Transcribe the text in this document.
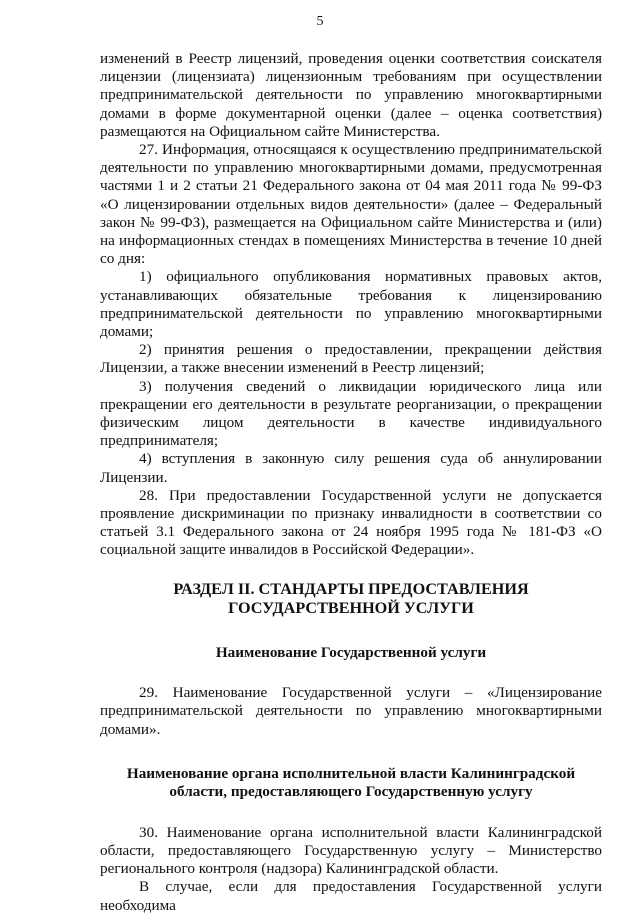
5

изменений в Реестр лицензий, проведения оценки соответствия соискателя лицензии (лицензиата) лицензионным требованиям при осуществлении предпринимательской деятельности по управлению многоквартирными домами в форме документарной оценки (далее – оценка соответствия) размещаются на Официальном сайте Министерства.

27. Информация, относящаяся к осуществлению предпринимательской деятельности по управлению многоквартирными домами, предусмотренная частями 1 и 2 статьи 21 Федерального закона от 04 мая 2011 года № 99-ФЗ «О лицензировании отдельных видов деятельности» (далее – Федеральный закон № 99-ФЗ), размещается на Официальном сайте Министерства и (или) на информационных стендах в помещениях Министерства в течение 10 дней со дня:

1) официального опубликования нормативных правовых актов, устанавливающих обязательные требования к лицензированию предпринимательской деятельности по управлению многоквартирными домами;

2) принятия решения о предоставлении, прекращении действия Лицензии, а также внесении изменений в Реестр лицензий;

3) получения сведений о ликвидации юридического лица или прекращении его деятельности в результате реорганизации, о прекращении физическим лицом деятельности в качестве индивидуального предпринимателя;

4) вступления в законную силу решения суда об аннулировании Лицензии.

28. При предоставлении Государственной услуги не допускается проявление дискриминации по признаку инвалидности в соответствии со статьей 3.1 Федерального закона от 24 ноября 1995 года № 181-ФЗ «О социальной защите инвалидов в Российской Федерации».

РАЗДЕЛ II. СТАНДАРТЫ ПРЕДОСТАВЛЕНИЯ
ГОСУДАРСТВЕННОЙ УСЛУГИ
Наименование Государственной услуги

29. Наименование Государственной услуги – «Лицензирование предпринимательской деятельности по управлению многоквартирными домами».

Наименование органа исполнительной власти Калининградской
области, предоставляющего Государственную услугу

30. Наименование органа исполнительной власти Калининградской области, предоставляющего Государственную услугу – Министерство регионального контроля (надзора) Калининградской области.

В случае, если для предоставления Государственной услуги необходима
